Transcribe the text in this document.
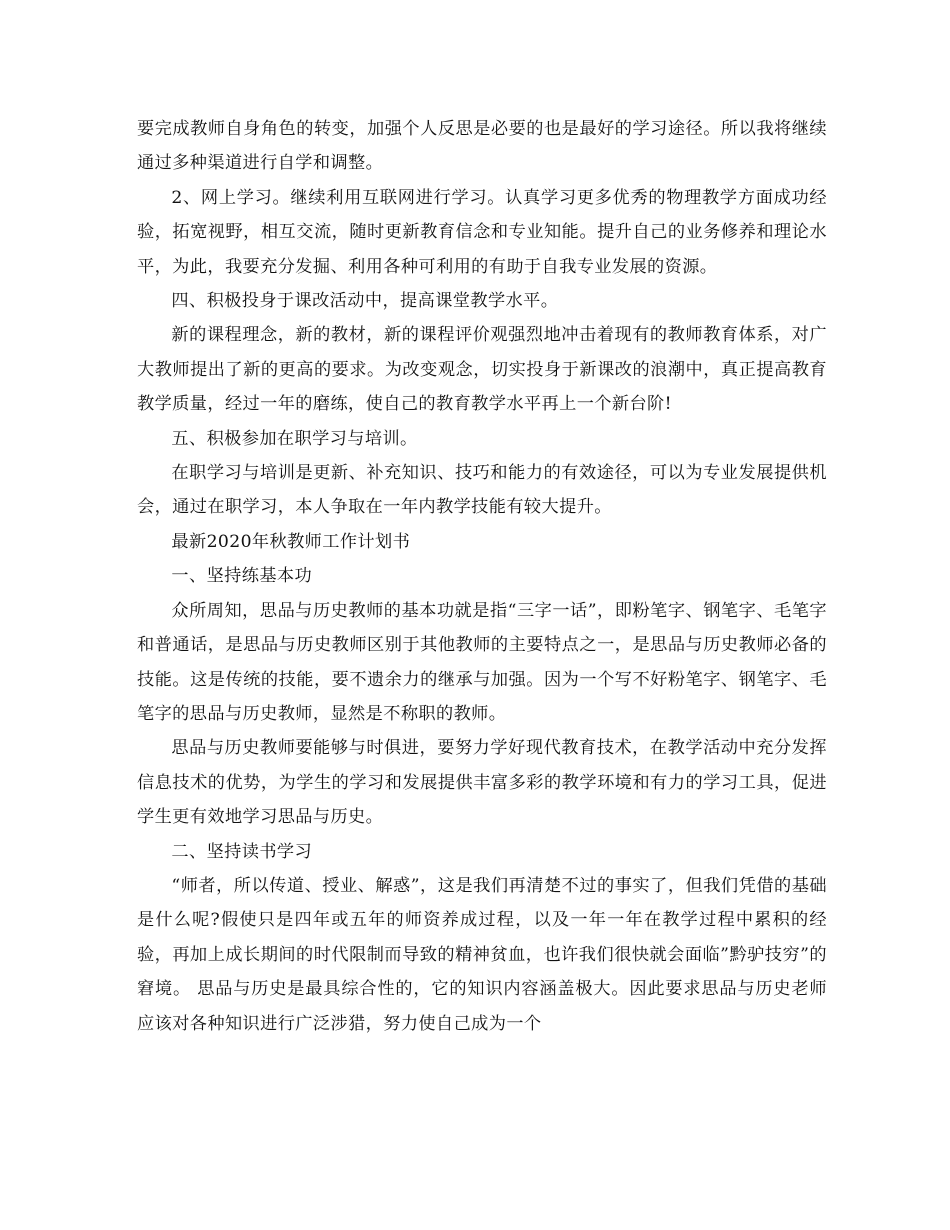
要完成教师自身角色的转变，加强个人反思是必要的也是最好的学习途径。所以我将继续通过多种渠道进行自学和调整。

2、网上学习。继续利用互联网进行学习。认真学习更多优秀的物理教学方面成功经验，拓宽视野，相互交流，随时更新教育信念和专业知能。提升自己的业务修养和理论水平，为此，我要充分发掘、利用各种可利用的有助于自我专业发展的资源。

四、积极投身于课改活动中，提高课堂教学水平。

新的课程理念，新的教材，新的课程评价观强烈地冲击着现有的教师教育体系，对广大教师提出了新的更高的要求。为改变观念，切实投身于新课改的浪潮中，真正提高教育教学质量，经过一年的磨练，使自己的教育教学水平再上一个新台阶!

五、积极参加在职学习与培训。

在职学习与培训是更新、补充知识、技巧和能力的有效途径，可以为专业发展提供机会，通过在职学习，本人争取在一年内教学技能有较大提升。

最新2020年秋教师工作计划书

一、坚持练基本功

众所周知，思品与历史教师的基本功就是指“三字一话”，即粉笔字、钢笔字、毛笔字和普通话，是思品与历史教师区别于其他教师的主要特点之一，是思品与历史教师必备的技能。这是传统的技能，要不遗余力的继承与加强。因为一个写不好粉笔字、钢笔字、毛笔字的思品与历史教师，显然是不称职的教师。

思品与历史教师要能够与时俱进，要努力学好现代教育技术，在教学活动中充分发挥信息技术的优势，为学生的学习和发展提供丰富多彩的教学环境和有力的学习工具，促进学生更有效地学习思品与历史。

二、坚持读书学习

“师者，所以传道、授业、解惑”，这是我们再清楚不过的事实了，但我们凭借的基础是什么呢?假使只是四年或五年的师资养成过程，以及一年一年在教学过程中累积的经验，再加上成长期间的时代限制而导致的精神贫血，也许我们很快就会面临”黔驴技穷”的窘境。 思品与历史是最具综合性的，它的知识内容涵盖极大。因此要求思品与历史老师应该对各种知识进行广泛涉猎，努力使自己成为一个
